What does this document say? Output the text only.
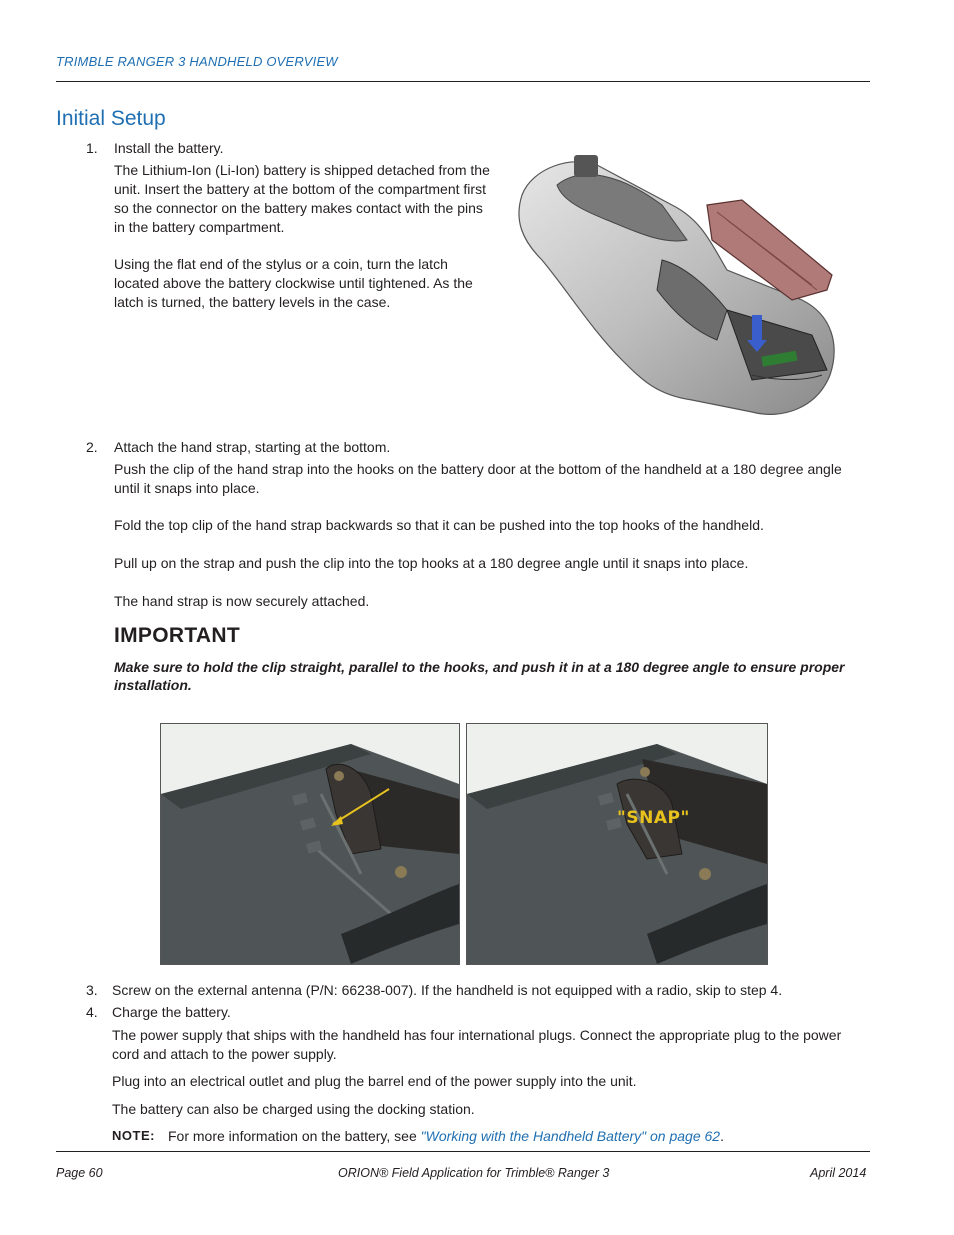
TRIMBLE RANGER 3 HANDHELD OVERVIEW
Initial Setup
1. Install the battery.
The Lithium-Ion (Li-Ion) battery is shipped detached from the unit. Insert the battery at the bottom of the compartment first so the connector on the battery makes contact with the pins in the battery compartment.
Using the flat end of the stylus or a coin, turn the latch located above the battery clockwise until tightened. As the latch is turned, the battery levels in the case.
2. Attach the hand strap, starting at the bottom.
Push the clip of the hand strap into the hooks on the battery door at the bottom of the handheld at a 180 degree angle until it snaps into place.
Fold the top clip of the hand strap backwards so that it can be pushed into the top hooks of the handheld.
Pull up on the strap and push the clip into the top hooks at a 180 degree angle until it snaps into place.
The hand strap is now securely attached.
IMPORTANT
Make sure to hold the clip straight, parallel to the hooks, and push it in at a 180 degree angle to ensure proper installation.
"SNAP"
3. Screw on the external antenna (P/N: 66238-007). If the handheld is not equipped with a radio, skip to step 4.
4. Charge the battery.
The power supply that ships with the handheld has four international plugs. Connect the appropriate plug to the power cord and attach to the power supply.
Plug into an electrical outlet and plug the barrel end of the power supply into the unit.
The battery can also be charged using the docking station.
NOTE: For more information on the battery, see "Working with the Handheld Battery" on page 62.
Page 60	ORION® Field Application for Trimble® Ranger 3	April 2014
